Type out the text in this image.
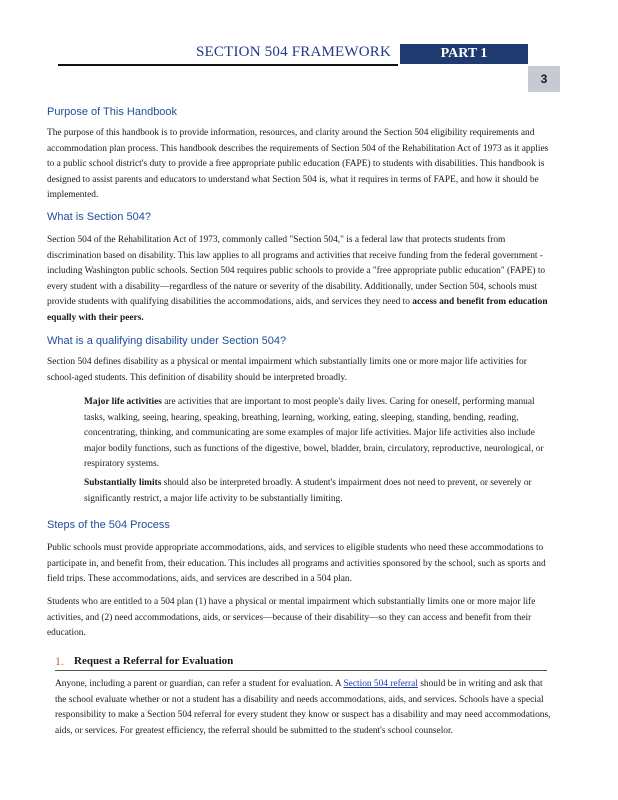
SECTION 504 FRAMEWORK	PART 1
3
Purpose of This Handbook

The purpose of this handbook is to provide information, resources, and clarity around the Section 504 eligibility requirements and accommodation plan process. This handbook describes the requirements of Section 504 of the Rehabilitation Act of 1973 as it applies to a public school district's duty to provide a free appropriate public education (FAPE) to students with disabilities. This handbook is designed to assist parents and educators to understand what Section 504 is, what it requires in terms of FAPE, and how it should be implemented.

What is Section 504?

Section 504 of the Rehabilitation Act of 1973, commonly called "Section 504," is a federal law that protects students from discrimination based on disability. This law applies to all programs and activities that receive funding from the federal government - including Washington public schools. Section 504 requires public schools to provide a "free appropriate public education" (FAPE) to every student with a disability—regardless of the nature or severity of the disability. Additionally, under Section 504, schools must provide students with qualifying disabilities the accommodations, aids, and services they need to access and benefit from education equally with their peers.

What is a qualifying disability under Section 504?

Section 504 defines disability as a physical or mental impairment which substantially limits one or more major life activities for school-aged students. This definition of disability should be interpreted broadly.

Major life activities are activities that are important to most people's daily lives. Caring for oneself, performing manual tasks, walking, seeing, hearing, speaking, breathing, learning, working, eating, sleeping, standing, bending, reading, concentrating, thinking, and communicating are some examples of major life activities. Major life activities also include major bodily functions, such as functions of the digestive, bowel, bladder, brain, circulatory, reproductive, neurological, or respiratory systems.

Substantially limits should also be interpreted broadly. A student's impairment does not need to prevent, or severely or significantly restrict, a major life activity to be substantially limiting.

Steps of the 504 Process

Public schools must provide appropriate accommodations, aids, and services to eligible students who need these accommodations to participate in, and benefit from, their education. This includes all programs and activities sponsored by the school, such as sports and field trips. These accommodations, aids, and services are described in a 504 plan.

Students who are entitled to a 504 plan (1) have a physical or mental impairment which substantially limits one or more major life activities, and (2) need accommodations, aids, or services—because of their disability—so they can access and benefit from their education.

1. Request a Referral for Evaluation

Anyone, including a parent or guardian, can refer a student for evaluation. A Section 504 referral should be in writing and ask that the school evaluate whether or not a student has a disability and needs accommodations, aids, and services. Schools have a special responsibility to make a Section 504 referral for every student they know or suspect has a disability and may need accommodations, aids, or services. For greatest efficiency, the referral should be submitted to the student's school counselor.
